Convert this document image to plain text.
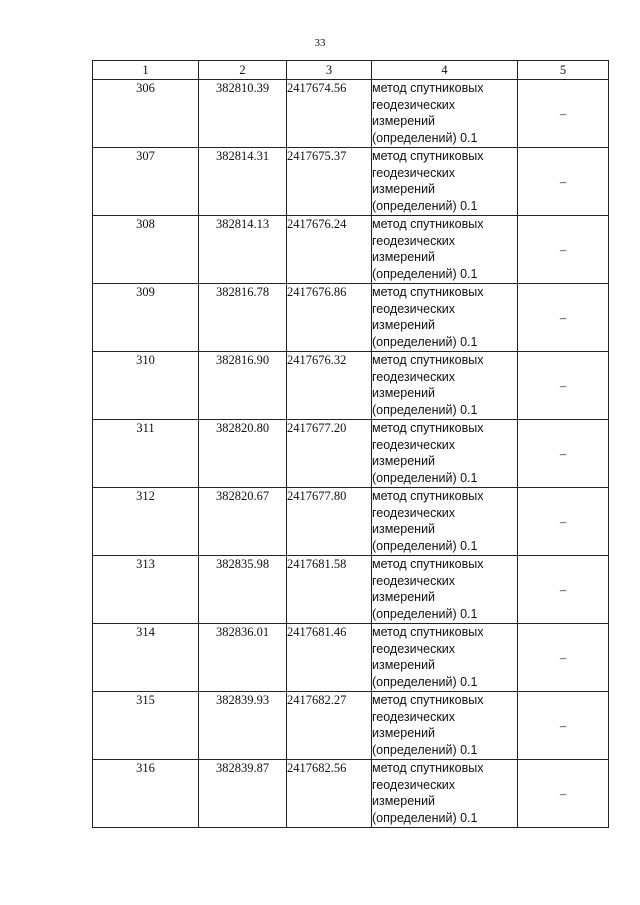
33
1	2	3	4	5
306	382810.39	2417674.56	метод спутниковых
геодезических
измерений
(определений) 0.1	–
307	382814.31	2417675.37	метод спутниковых
геодезических
измерений
(определений) 0.1	–
308	382814.13	2417676.24	метод спутниковых
геодезических
измерений
(определений) 0.1	–
309	382816.78	2417676.86	метод спутниковых
геодезических
измерений
(определений) 0.1	–
310	382816.90	2417676.32	метод спутниковых
геодезических
измерений
(определений) 0.1	–
311	382820.80	2417677.20	метод спутниковых
геодезических
измерений
(определений) 0.1	–
312	382820.67	2417677.80	метод спутниковых
геодезических
измерений
(определений) 0.1	–
313	382835.98	2417681.58	метод спутниковых
геодезических
измерений
(определений) 0.1	–
314	382836.01	2417681.46	метод спутниковых
геодезических
измерений
(определений) 0.1	–
315	382839.93	2417682.27	метод спутниковых
геодезических
измерений
(определений) 0.1	–
316	382839.87	2417682.56	метод спутниковых
геодезических
измерений
(определений) 0.1	–
